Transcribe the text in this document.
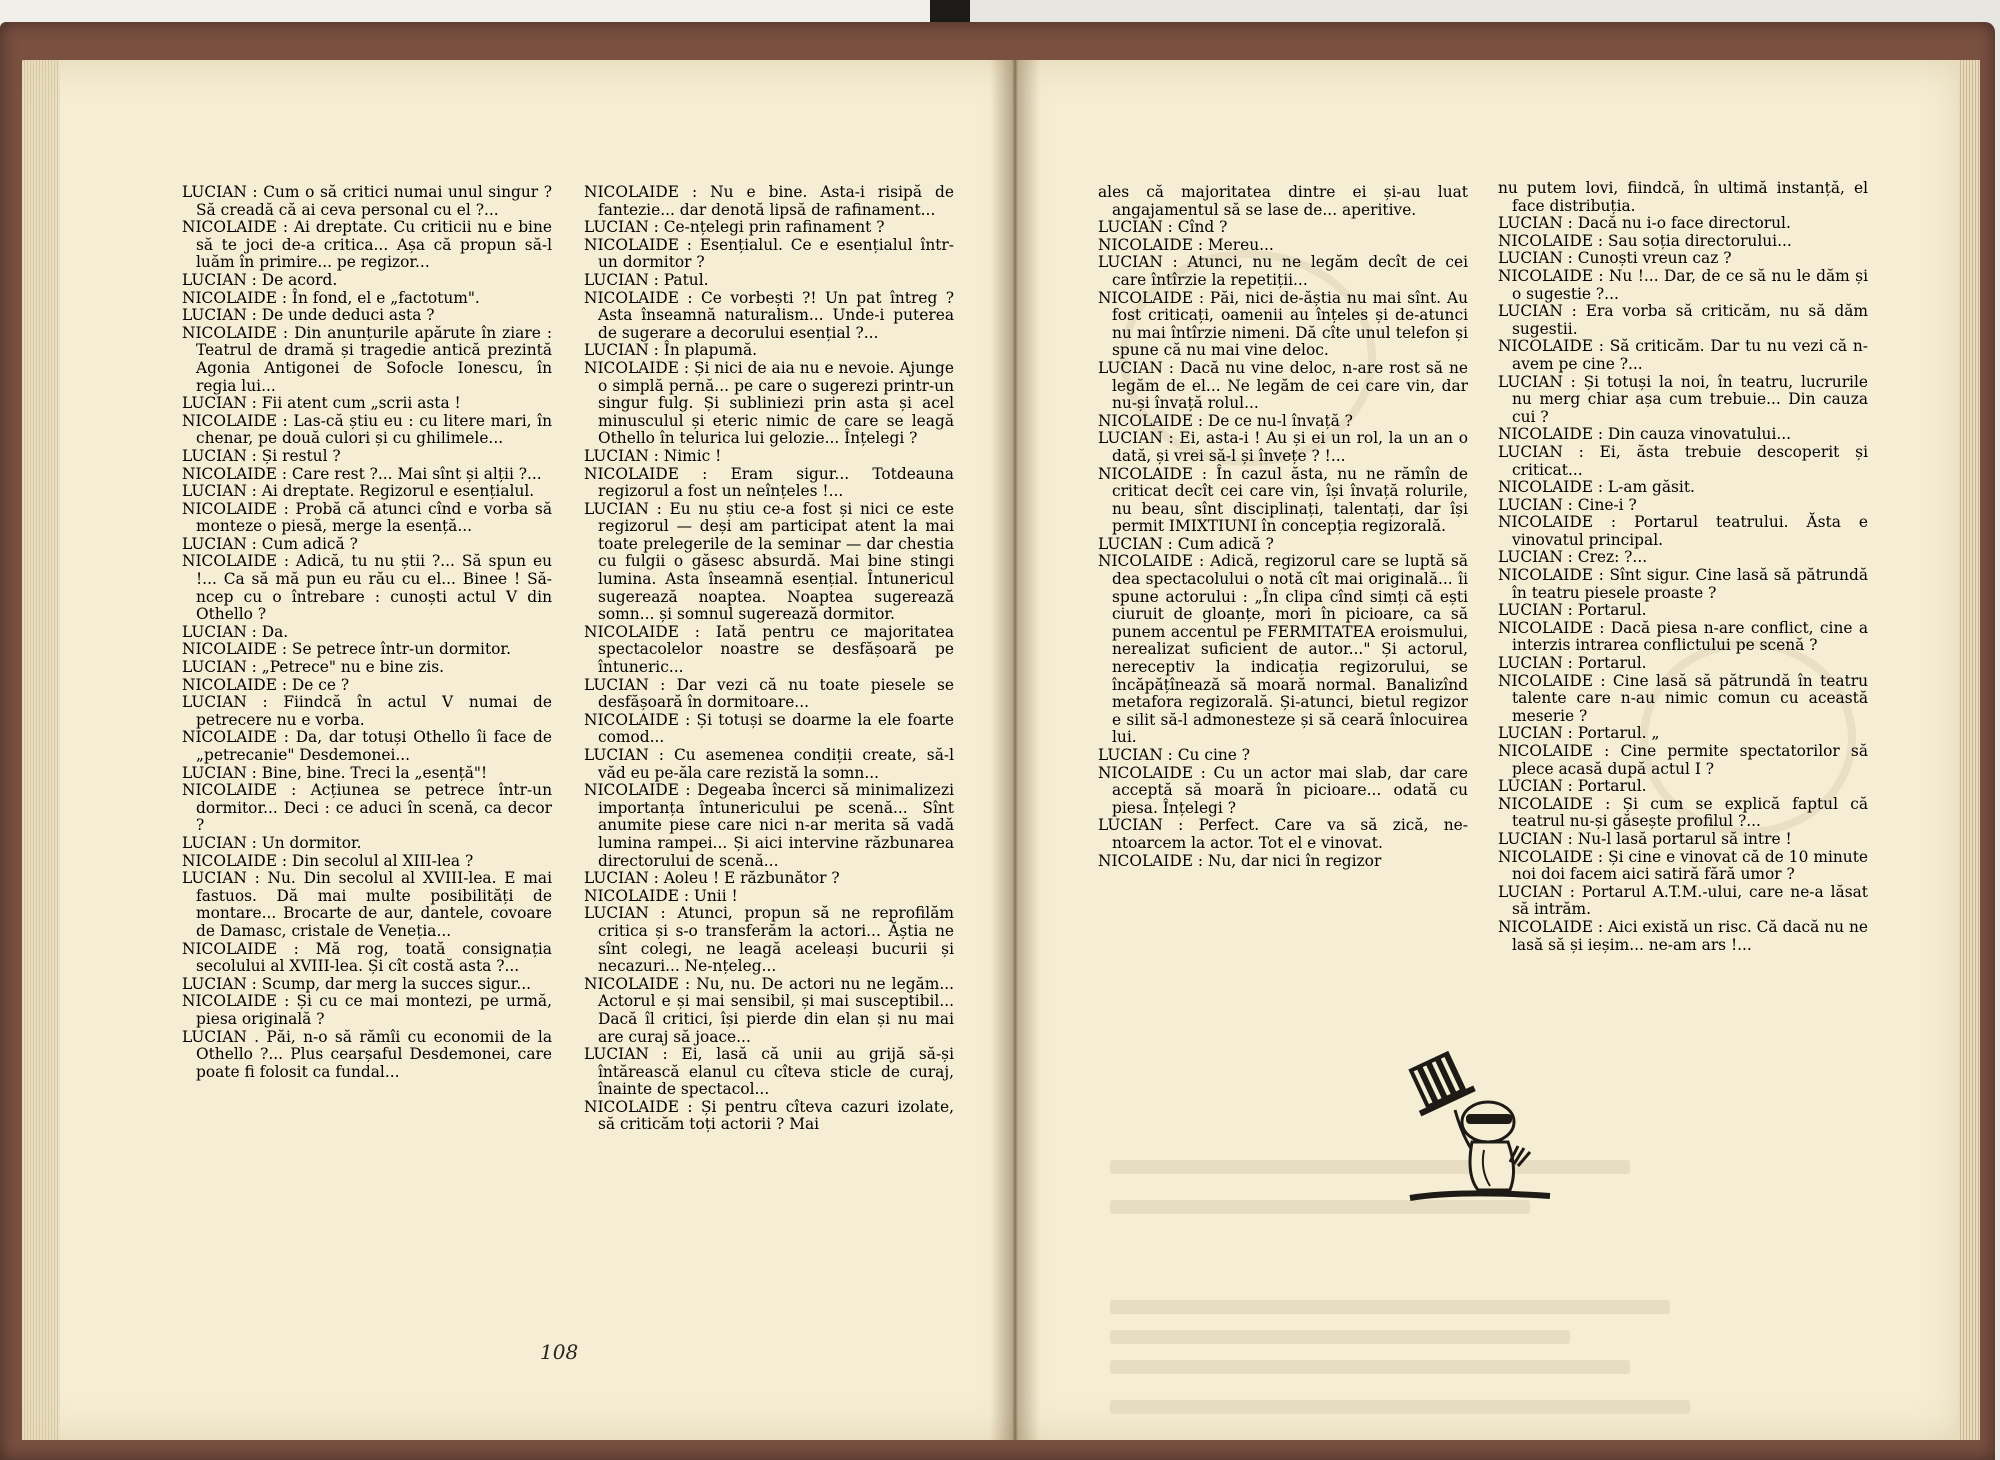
LUCIAN : Cum o să critici numai unul singur ? Să creadă că ai ceva personal cu el ?...

NICOLAIDE : Ai dreptate. Cu criticii nu e bine să te joci de-a critica... Așa că propun să-l luăm în primire... pe regizor...

LUCIAN : De acord.

NICOLAIDE : În fond, el e „factotum".

LUCIAN : De unde deduci asta ?

NICOLAIDE : Din anunțurile apărute în ziare : Teatrul de dramă și tragedie antică prezintă Agonia Antigonei de Sofocle Ionescu, în regia lui...

LUCIAN : Fii atent cum „scrii asta !

NICOLAIDE : Las-că știu eu : cu litere mari, în chenar, pe două culori și cu ghilimele...

LUCIAN : Și restul ?

NICOLAIDE : Care rest ?... Mai sînt și alții ?...

LUCIAN : Ai dreptate. Regizorul e esențialul.

NICOLAIDE : Probă că atunci cînd e vorba să monteze o piesă, merge la esență...

LUCIAN : Cum adică ?

NICOLAIDE : Adică, tu nu știi ?... Să spun eu !... Ca să mă pun eu rău cu el... Binee ! Să-ncep cu o întrebare : cunoști actul V din Othello ?

LUCIAN : Da.

NICOLAIDE : Se petrece într-un dormitor.

LUCIAN : „Petrece" nu e bine zis.

NICOLAIDE : De ce ?

LUCIAN : Fiindcă în actul V numai de petrecere nu e vorba.

NICOLAIDE : Da, dar totuși Othello îi face de „petrecanie" Desdemonei...

LUCIAN : Bine, bine. Treci la „esență"!

NICOLAIDE : Acțiunea se petrece într-un dormitor... Deci : ce aduci în scenă, ca decor ?

LUCIAN : Un dormitor.

NICOLAIDE : Din secolul al XIII-lea ?

LUCIAN : Nu. Din secolul al XVIII-lea. E mai fastuos. Dă mai multe posibilități de montare... Brocarte de aur, dantele, covoare de Damasc, cristale de Veneția...

NICOLAIDE : Mă rog, toată consignația secolului al XVIII-lea. Și cît costă asta ?...

LUCIAN : Scump, dar merg la succes sigur...

NICOLAIDE : Și cu ce mai montezi, pe urmă, piesa originală ?

LUCIAN . Păi, n-o să rămîi cu economii de la Othello ?... Plus cearșaful Desdemonei, care poate fi folosit ca fundal...

NICOLAIDE : Nu e bine. Asta-i risipă de fantezie... dar denotă lipsă de rafinament...

LUCIAN : Ce-nțelegi prin rafinament ?

NICOLAIDE : Esențialul. Ce e esențialul într-un dormitor ?

LUCIAN : Patul.

NICOLAIDE : Ce vorbești ?! Un pat întreg ? Asta înseamnă naturalism... Unde-i puterea de sugerare a decorului esențial ?...

LUCIAN : În plapumă.

NICOLAIDE : Și nici de aia nu e nevoie. Ajunge o simplă pernă... pe care o sugerezi printr-un singur fulg. Și subliniezi prin asta și acel minusculul și eteric nimic de care se leagă Othello în telurica lui gelozie... Înțelegi ?

LUCIAN : Nimic !

NICOLAIDE : Eram sigur... Totdeauna regizorul a fost un neînțeles !...

LUCIAN : Eu nu știu ce-a fost și nici ce este regizorul — deși am participat atent la mai toate prelegerile de la seminar — dar chestia cu fulgii o găsesc absurdă. Mai bine stingi lumina. Asta înseamnă esențial. Întunericul sugerează noaptea. Noaptea sugerează somn... și somnul sugerează dormitor.

NICOLAIDE : Iată pentru ce majoritatea spectacolelor noastre se desfășoară pe întuneric...

LUCIAN : Dar vezi că nu toate piesele se desfășoară în dormitoare...

NICOLAIDE : Și totuși se doarme la ele foarte comod...

LUCIAN : Cu asemenea condiții create, să-l văd eu pe-ăla care rezistă la somn...

NICOLAIDE : Degeaba încerci să minimalizezi importanța întunericului pe scenă... Sînt anumite piese care nici n-ar merita să vadă lumina rampei... Și aici intervine răzbunarea directorului de scenă...

LUCIAN : Aoleu ! E răzbunător ?

NICOLAIDE : Unii !

LUCIAN : Atunci, propun să ne reprofilăm critica și s-o transferăm la actori... Ăștia ne sînt colegi, ne leagă aceleași bucurii și necazuri... Ne-nțeleg...

NICOLAIDE : Nu, nu. De actori nu ne legăm... Actorul e și mai sensibil, și mai susceptibil... Dacă îl critici, își pierde din elan și nu mai are curaj să joace...

LUCIAN : Ei, lasă că unii au grijă să-și întărească elanul cu cîteva sticle de curaj, înainte de spectacol...

NICOLAIDE : Și pentru cîteva cazuri izolate, să criticăm toți actorii ? Mai

ales că majoritatea dintre ei și-au luat angajamentul să se lase de... aperitive.

LUCIAN : Cînd ?

NICOLAIDE : Mereu...

LUCIAN : Atunci, nu ne legăm decît de cei care întîrzie la repetiții...

NICOLAIDE : Păi, nici de-ăștia nu mai sînt. Au fost criticați, oamenii au înțeles și de-atunci nu mai întîrzie nimeni. Dă cîte unul telefon și spune că nu mai vine deloc.

LUCIAN : Dacă nu vine deloc, n-are rost să ne legăm de el... Ne legăm de cei care vin, dar nu-și învață rolul...

NICOLAIDE : De ce nu-l învață ?

LUCIAN : Ei, asta-i ! Au și ei un rol, la un an o dată, și vrei să-l și învețe ? !...

NICOLAIDE : În cazul ăsta, nu ne rămîn de criticat decît cei care vin, își învață rolurile, nu beau, sînt disciplinați, talentați, dar își permit IMIXTIUNI în concepția regizorală.

LUCIAN : Cum adică ?

NICOLAIDE : Adică, regizorul care se luptă să dea spectacolului o notă cît mai originală... îi spune actorului : „În clipa cînd simți că ești ciuruit de gloanțe, mori în picioare, ca să punem accentul pe FERMITATEA eroismului, nerealizat suficient de autor..." Și actorul, nereceptiv la indicația regizorului, se încăpățînează să moară normal. Banalizînd metafora regizorală. Și-atunci, bietul regizor e silit să-l admonesteze și să ceară înlocuirea lui.

LUCIAN : Cu cine ?

NICOLAIDE : Cu un actor mai slab, dar care acceptă să moară în picioare... odată cu piesa. Înțelegi ?

LUCIAN : Perfect. Care va să zică, ne-ntoarcem la actor. Tot el e vinovat.

NICOLAIDE : Nu, dar nici în regizor

nu putem lovi, fiindcă, în ultimă instanță, el face distribuția.

LUCIAN : Dacă nu i-o face directorul.

NICOLAIDE : Sau soția directorului...

LUCIAN : Cunoști vreun caz ?

NICOLAIDE : Nu !... Dar, de ce să nu le dăm și o sugestie ?...

LUCIAN : Era vorba să criticăm, nu să dăm sugestii.

NICOLAIDE : Să criticăm. Dar tu nu vezi că n-avem pe cine ?...

LUCIAN : Și totuși la noi, în teatru, lucrurile nu merg chiar așa cum trebuie... Din cauza cui ?

NICOLAIDE : Din cauza vinovatului...

LUCIAN : Ei, ăsta trebuie descoperit și criticat...

NICOLAIDE : L-am găsit.

LUCIAN : Cine-i ?

NICOLAIDE : Portarul teatrului. Ăsta e vinovatul principal.

LUCIAN : Crez: ?...

NICOLAIDE : Sînt sigur. Cine lasă să pătrundă în teatru piesele proaste ?

LUCIAN : Portarul.

NICOLAIDE : Dacă piesa n-are conflict, cine a interzis intrarea conflictului pe scenă ?

LUCIAN : Portarul.

NICOLAIDE : Cine lasă să pătrundă în teatru talente care n-au nimic comun cu această meserie ?

LUCIAN : Portarul. „

NICOLAIDE : Cine permite spectatorilor să plece acasă după actul I ?

LUCIAN : Portarul.

NICOLAIDE : Și cum se explică faptul că teatrul nu-și găsește profilul ?...

LUCIAN : Nu-l lasă portarul să intre !

NICOLAIDE : Și cine e vinovat că de 10 minute noi doi facem aici satiră fără umor ?

LUCIAN : Portarul A.T.M.-ului, care ne-a lăsat să intrăm.

NICOLAIDE : Aici există un risc. Că dacă nu ne lasă să și ieșim... ne-am ars !...

108
